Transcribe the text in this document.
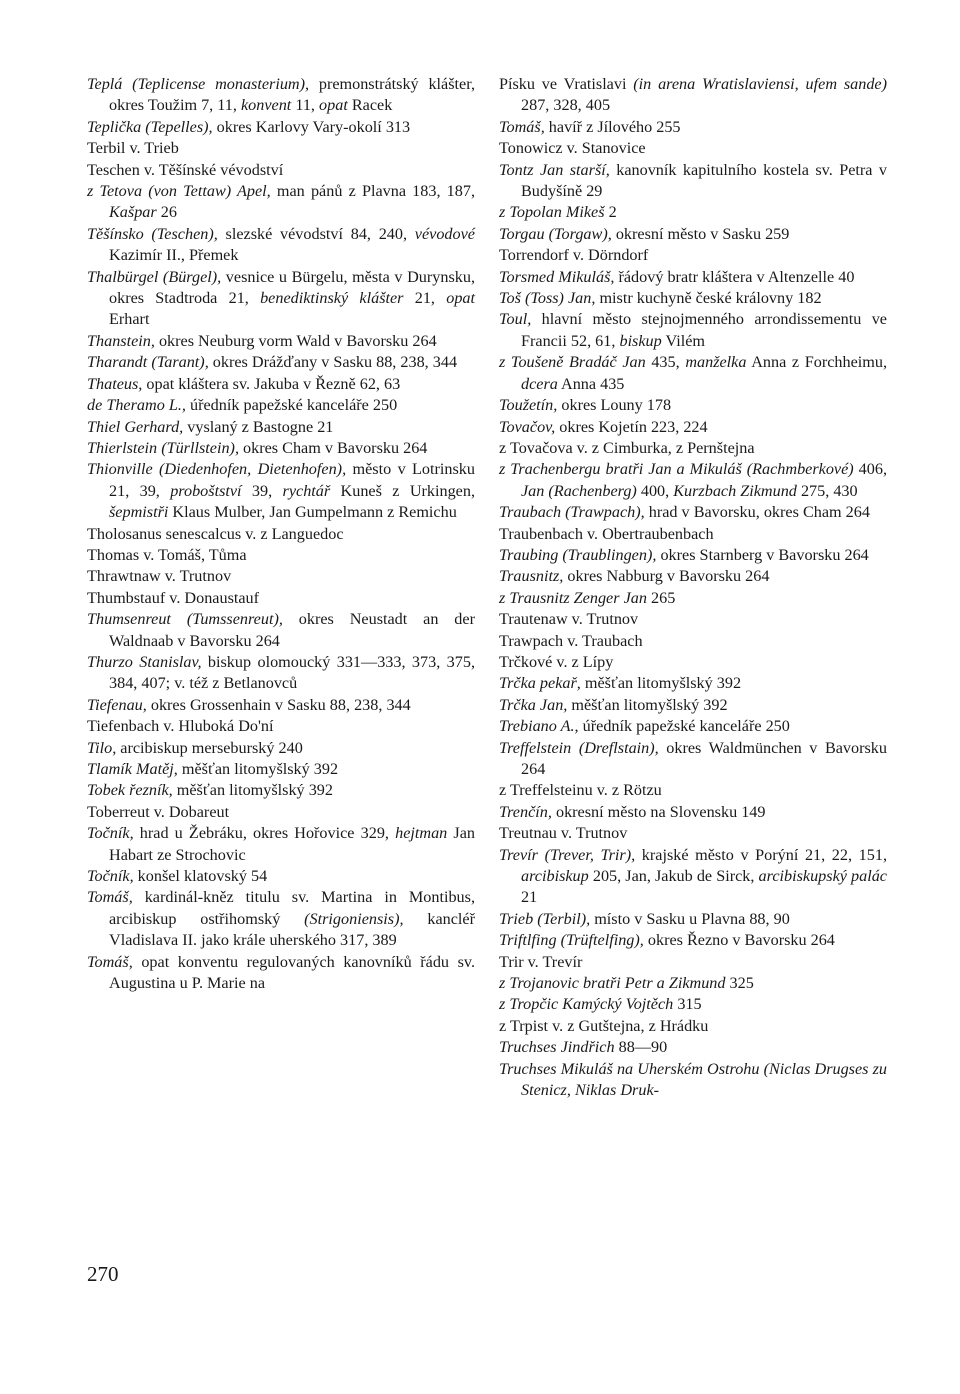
Teplá (Teplicense monasterium), premonstrátský klášter, okres Toužim 7, 11, konvent 11, opat Racek
Teplička (Tepelles), okres Karlovy Vary-okolí 313
Terbil v. Trieb
Teschen v. Těšínské vévodství
z Tetova (von Tettaw) Apel, man pánů z Plavna 183, 187, Kašpar 26
Těšínsko (Teschen), slezské vévodství 84, 240, vévodové Kazimír II., Přemek
Thalbürgel (Bürgel), vesnice u Bürgelu, města v Durynsku, okres Stadtroda 21, benediktinský klášter 21, opat Erhart
Thanstein, okres Neuburg vorm Wald v Bavorsku 264
Tharandt (Tarant), okres Drážďany v Sasku 88, 238, 344
Thateus, opat kláštera sv. Jakuba v Řezně 62, 63
de Theramo L., úředník papežské kanceláře 250
Thiel Gerhard, vyslaný z Bastogne 21
Thierlstein (Türllstein), okres Cham v Bavorsku 264
Thionville (Diedenhofen, Dietenhofen), město v Lotrinsku 21, 39, proboštství 39, rychtář Kuneš z Urkingen, šepmistři Klaus Mulber, Jan Gumpelmann z Remichu
Tholosanus senescalcus v. z Languedoc
Thomas v. Tomáš, Tůma
Thrawtnaw v. Trutnov
Thumbstauf v. Donaustauf
Thumsenreut (Tumssenreut), okres Neustadt an der Waldnaab v Bavorsku 264
Thurzo Stanislav, biskup olomoucký 331—333, 373, 375, 384, 407; v. též z Betlanovců
Tiefenau, okres Grossenhain v Sasku 88, 238, 344
Tiefenbach v. Hluboká Do'ní
Tilo, arcibiskup merseburský 240
Tlamík Matěj, měšťan litomyšlský 392
Tobek řezník, měšťan litomyšlský 392
Toberreut v. Dobareut
Točník, hrad u Žebráku, okres Hořovice 329, hejtman Jan Habart ze Strochovic
Točník, konšel klatovský 54
Tomáš, kardinál-kněz titulu sv. Martina in Montibus, arcibiskup ostřihomský (Strigoniensis), kancléř Vladislava II. jako krále uherského 317, 389
Tomáš, opat konventu regulovaných kanovníků řádu sv. Augustina u P. Marie na
Písku ve Vratislavi (in arena Wratislaviensi, ufem sande) 287, 328, 405
Tomáš, havíř z Jílového 255
Tonowicz v. Stanovice
Tontz Jan starší, kanovník kapitulního kostela sv. Petra v Budyšíně 29
z Topolan Mikeš 2
Torgau (Torgaw), okresní město v Sasku 259
Torrendorf v. Dörndorf
Torsmed Mikuláš, řádový bratr kláštera v Altenzelle 40
Toš (Toss) Jan, mistr kuchyně české královny 182
Toul, hlavní město stejnojmenného arrondissementu ve Francii 52, 61, biskup Vilém
z Toušeně Bradáč Jan 435, manželka Anna z Forchheimu, dcera Anna 435
Toužetín, okres Louny 178
Tovačov, okres Kojetín 223, 224
z Tovačova v. z Cimburka, z Pernštejna
z Trachenbergu bratři Jan a Mikuláš (Rachmberkové) 406, Jan (Rachenberg) 400, Kurzbach Zikmund 275, 430
Traubach (Trawpach), hrad v Bavorsku, okres Cham 264
Traubenbach v. Obertraubenbach
Traubing (Traublingen), okres Starnberg v Bavorsku 264
Trausnitz, okres Nabburg v Bavorsku 264
z Trausnitz Zenger Jan 265
Trautenaw v. Trutnov
Trawpach v. Traubach
Trčkové v. z Lípy
Trčka pekař, měšťan litomyšlský 392
Trčka Jan, měšťan litomyšlský 392
Trebiano A., úředník papežské kanceláře 250
Treffelstein (Dreflstain), okres Waldmünchen v Bavorsku 264
z Treffelsteinu v. z Rötzu
Trenčín, okresní město na Slovensku 149
Treutnau v. Trutnov
Trevír (Trever, Trir), krajské město v Porýní 21, 22, 151, arcibiskup 205, Jan, Jakub de Sirck, arcibiskupský palác 21
Trieb (Terbil), místo v Sasku u Plavna 88, 90
Triftlfing (Trüftelfing), okres Řezno v Bavorsku 264
Trir v. Trevír
z Trojanovic bratři Petr a Zikmund 325
z Tropčic Kamýcký Vojtěch 315
z Trpist v. z Gutštejna, z Hrádku
Truchses Jindřich 88—90
Truchses Mikuláš na Uherském Ostrohu (Niclas Drugses zu Stenicz, Niklas Druk-
270
